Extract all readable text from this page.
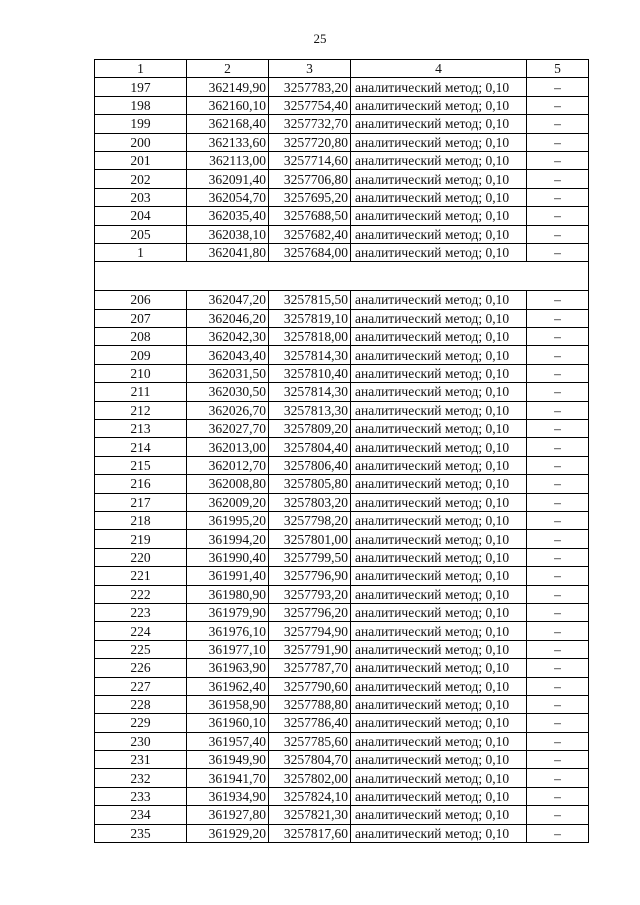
25
1	2	3	4	5
197	362149,90	3257783,20	аналитический метод; 0,10	–
198	362160,10	3257754,40	аналитический метод; 0,10	–
199	362168,40	3257732,70	аналитический метод; 0,10	–
200	362133,60	3257720,80	аналитический метод; 0,10	–
201	362113,00	3257714,60	аналитический метод; 0,10	–
202	362091,40	3257706,80	аналитический метод; 0,10	–
203	362054,70	3257695,20	аналитический метод; 0,10	–
204	362035,40	3257688,50	аналитический метод; 0,10	–
205	362038,10	3257682,40	аналитический метод; 0,10	–
1	362041,80	3257684,00	аналитический метод; 0,10	–

206	362047,20	3257815,50	аналитический метод; 0,10	–
207	362046,20	3257819,10	аналитический метод; 0,10	–
208	362042,30	3257818,00	аналитический метод; 0,10	–
209	362043,40	3257814,30	аналитический метод; 0,10	–
210	362031,50	3257810,40	аналитический метод; 0,10	–
211	362030,50	3257814,30	аналитический метод; 0,10	–
212	362026,70	3257813,30	аналитический метод; 0,10	–
213	362027,70	3257809,20	аналитический метод; 0,10	–
214	362013,00	3257804,40	аналитический метод; 0,10	–
215	362012,70	3257806,40	аналитический метод; 0,10	–
216	362008,80	3257805,80	аналитический метод; 0,10	–
217	362009,20	3257803,20	аналитический метод; 0,10	–
218	361995,20	3257798,20	аналитический метод; 0,10	–
219	361994,20	3257801,00	аналитический метод; 0,10	–
220	361990,40	3257799,50	аналитический метод; 0,10	–
221	361991,40	3257796,90	аналитический метод; 0,10	–
222	361980,90	3257793,20	аналитический метод; 0,10	–
223	361979,90	3257796,20	аналитический метод; 0,10	–
224	361976,10	3257794,90	аналитический метод; 0,10	–
225	361977,10	3257791,90	аналитический метод; 0,10	–
226	361963,90	3257787,70	аналитический метод; 0,10	–
227	361962,40	3257790,60	аналитический метод; 0,10	–
228	361958,90	3257788,80	аналитический метод; 0,10	–
229	361960,10	3257786,40	аналитический метод; 0,10	–
230	361957,40	3257785,60	аналитический метод; 0,10	–
231	361949,90	3257804,70	аналитический метод; 0,10	–
232	361941,70	3257802,00	аналитический метод; 0,10	–
233	361934,90	3257824,10	аналитический метод; 0,10	–
234	361927,80	3257821,30	аналитический метод; 0,10	–
235	361929,20	3257817,60	аналитический метод; 0,10	–
